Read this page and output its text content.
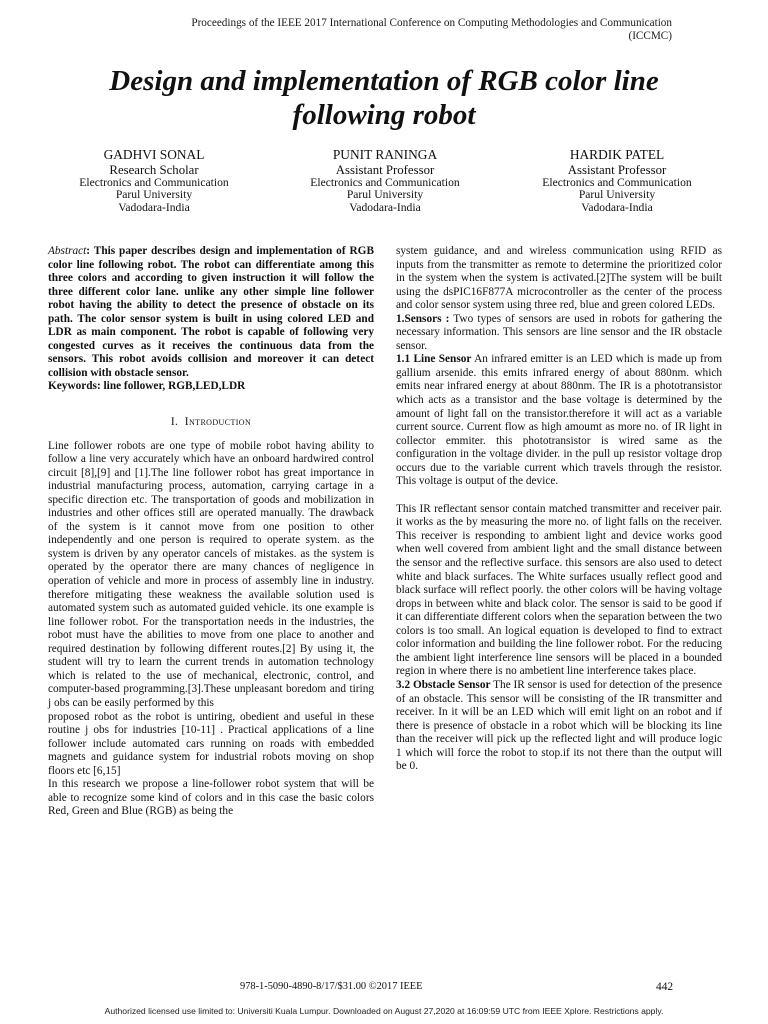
Proceedings of the IEEE 2017 International Conference on Computing Methodologies and Communication
(ICCMC)
Design and implementation of RGB color line
following robot
GADHVI SONAL
Research Scholar
Electronics and Communication
Parul University
Vadodara-India
PUNIT RANINGA
Assistant Professor
Electronics and Communication
Parul University
Vadodara-India
HARDIK PATEL
Assistant Professor
Electronics and Communication
Parul University
Vadodara-India

Abstract: This paper describes design and implementation of RGB color line following robot. The robot can differentiate among this three colors and according to given instruction it will follow the three different color lane. unlike any other simple line follower robot having the ability to detect the presence of obstacle on its path. The color sensor system is built in using colored LED and LDR as main component. The robot is capable of following very congested curves as it receives the continuous data from the sensors. This robot avoids collision and moreover it can detect collision with obstacle sensor.

Keywords: line follower, RGB,LED,LDR

I. Introduction

Line follower robots are one type of mobile robot having ability to follow a line very accurately which have an onboard hardwired control circuit [8],[9] and [1].The line follower robot has great importance in industrial manufacturing process, automation, carrying cartage in a specific direction etc. The transportation of goods and mobilization in industries and other offices still are operated manually. The drawback of the system is it cannot move from one position to other independently and one person is required to operate system. as the system is driven by any operator cancels of mistakes. as the system is operated by the operator there are many chances of negligence in operation of vehicle and more in process of assembly line in industry. therefore mitigating these weakness the available solution used is automated system such as automated guided vehicle. its one example is line follower robot. For the transportation needs in the industries, the robot must have the abilities to move from one place to another and required destination by following different routes.[2] By using it, the student will try to learn the current trends in automation technology which is related to the use of mechanical, electronic, control, and computer-based programming.[3].These unpleasant boredom and tiring j obs can be easily performed by this

proposed robot as the robot is untiring, obedient and useful in these routine j obs for industries [10-11] . Practical applications of a line follower include automated cars running on roads with embedded magnets and guidance system for industrial robots moving on shop floors etc [6,15]

In this research we propose a line-follower robot system that will be able to recognize some kind of colors and in this case the basic colors Red, Green and Blue (RGB) as being the

system guidance, and and wireless communication using RFID as inputs from the transmitter as remote to determine the prioritized color in the system when the system is activated.[2]The system will be built using the dsPIC16F877A microcontroller as the center of the process and color sensor system using three red, blue and green colored LEDs.

1.Sensors : Two types of sensors are used in robots for gathering the necessary information. This sensors are line sensor and the IR obstacle sensor.

1.1 Line Sensor An infrared emitter is an LED which is made up from gallium arsenide. this emits infrared energy of about 880nm. which emits near infrared energy at about 880nm. The IR is a phototransistor which acts as a transistor and the base voltage is determined by the amount of light fall on the transistor.therefore it will act as a variable current source. Current flow as high amoumt as more no. of IR light in collector emmiter. this phototransistor is wired same as the configuration in the voltage divider. in the pull up resistor voltage drop occurs due to the variable current which travels through the resistor. This voltage is output of the device.

This IR reflectant sensor contain matched transmitter and receiver pair. it works as the by measuring the more no. of light falls on the receiver. This receiver is responding to ambient light and device works good when well covered from ambient light and the small distance between the sensor and the reflective surface. this sensors are also used to detect white and black surfaces. The White surfaces usually reflect good and black surface will reflect poorly. the other colors will be having voltage drops in between white and black color. The sensor is said to be good if it can differentiate different colors when the separation between the two colors is too small. An logical equation is developed to find to extract color information and building the line follower robot. For the reducing the ambient light interference line sensors will be placed in a bounded region in where there is no ambetient line interference takes place.

3.2 Obstacle Sensor The IR sensor is used for detection of the presence of an obstacle. This sensor will be consisting of the IR transmitter and receiver. In it will be an LED which will emit light on an robot and if there is presence of obstacle in a robot which will be blocking its line than the receiver will pick up the reflected light and will produce logic 1 which will force the robot to stop.if its not there than the output will be 0.

978-1-5090-4890-8/17/$31.00 ©2017 IEEE	442
Authorized licensed use limited to: Universiti Kuala Lumpur. Downloaded on August 27,2020 at 16:09:59 UTC from IEEE Xplore. Restrictions apply.
